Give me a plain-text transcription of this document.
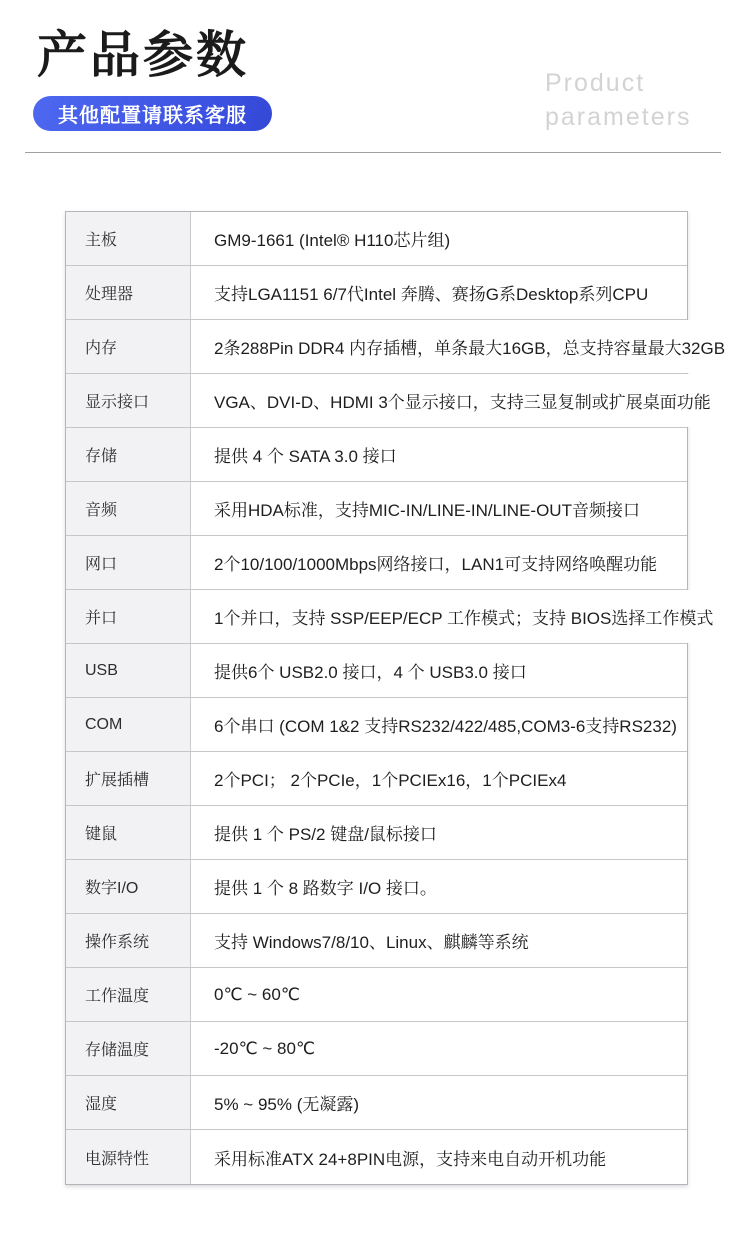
产品参数
其他配置请联系客服
Product
parameters
主板	GM9-1661 (Intel® H110芯片组)
处理器	支持LGA1151 6/7代Intel 奔腾、赛扬G系Desktop系列CPU
内存	2条288Pin DDR4 内存插槽，单条最大16GB，总支持容量最大32GB
显示接口	VGA、DVI-D、HDMI 3个显示接口，支持三显复制或扩展桌面功能
存储	提供 4 个 SATA 3.0 接口
音频	采用HDA标准，支持MIC-IN/LINE-IN/LINE-OUT音频接口
网口	2个10/100/1000Mbps网络接口，LAN1可支持网络唤醒功能
并口	1个并口，支持 SSP/EEP/ECP 工作模式；支持 BIOS选择工作模式
USB	提供6个 USB2.0 接口，4 个 USB3.0 接口
COM	6个串口 (COM 1&2 支持RS232/422/485,COM3-6支持RS232)
扩展插槽	2个PCI； 2个PCIe，1个PCIEx16，1个PCIEx4
键鼠	提供 1 个 PS/2 键盘/鼠标接口
数字I/O	提供 1 个 8 路数字 I/O 接口。
操作系统	支持 Windows7/8/10、Linux、麒麟等系统
工作温度	0℃ ~ 60℃
存储温度	-20℃ ~ 80℃
湿度	5% ~ 95% (无凝露)
电源特性	采用标准ATX 24+8PIN电源，支持来电自动开机功能
